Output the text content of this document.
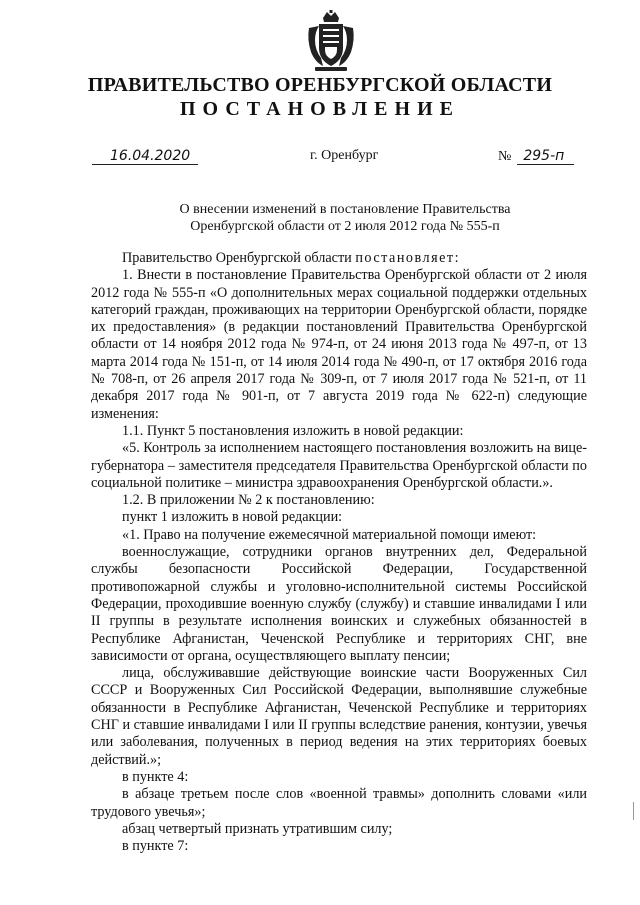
ПРАВИТЕЛЬСТВО ОРЕНБУРГСКОЙ ОБЛАСТИ
ПОСТАНОВЛЕНИЕ
16.04.2020	г. Оренбург	№ 295-п
О внесении изменений в постановление Правительства
Оренбургской области от 2 июля 2012 года № 555-п

Правительство Оренбургской области постановляет:

1. Внести в постановление Правительства Оренбургской области от 2 июля 2012 года № 555-п «О дополнительных мерах социальной поддержки отдельных категорий граждан, проживающих на территории Оренбургской области, порядке их предоставления» (в редакции постановлений Правительства Оренбургской области от 14 ноября 2012 года № 974-п, от 24 июня 2013 года № 497-п, от 13 марта 2014 года № 151-п, от 14 июля 2014 года № 490-п, от 17 октября 2016 года № 708-п, от 26 апреля 2017 года № 309-п, от 7 июля 2017 года № 521-п, от 11 декабря 2017 года № 901-п, от 7 августа 2019 года № 622-п) следующие изменения:

1.1. Пункт 5 постановления изложить в новой редакции:

«5. Контроль за исполнением настоящего постановления возложить на вице-губернатора – заместителя председателя Правительства Оренбургской области по социальной политике – министра здравоохранения Оренбургской области.».

1.2. В приложении № 2 к постановлению:

пункт 1 изложить в новой редакции:

«1. Право на получение ежемесячной материальной помощи имеют:

военнослужащие, сотрудники органов внутренних дел, Федеральной службы безопасности Российской Федерации, Государственной противопожарной службы и уголовно-исполнительной системы Российской Федерации, проходившие военную службу (службу) и ставшие инвалидами I или II группы в результате исполнения воинских и служебных обязанностей в Республике Афганистан, Чеченской Республике и территориях СНГ, вне зависимости от органа, осуществляющего выплату пенсии;

лица, обслуживавшие действующие воинские части Вооруженных Сил СССР и Вооруженных Сил Российской Федерации, выполнявшие служебные обязанности в Республике Афганистан, Чеченской Республике и территориях СНГ и ставшие инвалидами I или II группы вследствие ранения, контузии, увечья или заболевания, полученных в период ведения на этих территориях боевых действий.»;

в пункте 4:

в абзаце третьем после слов «военной травмы» дополнить словами «или трудового увечья»;

абзац четвертый признать утратившим силу;

в пункте 7:
